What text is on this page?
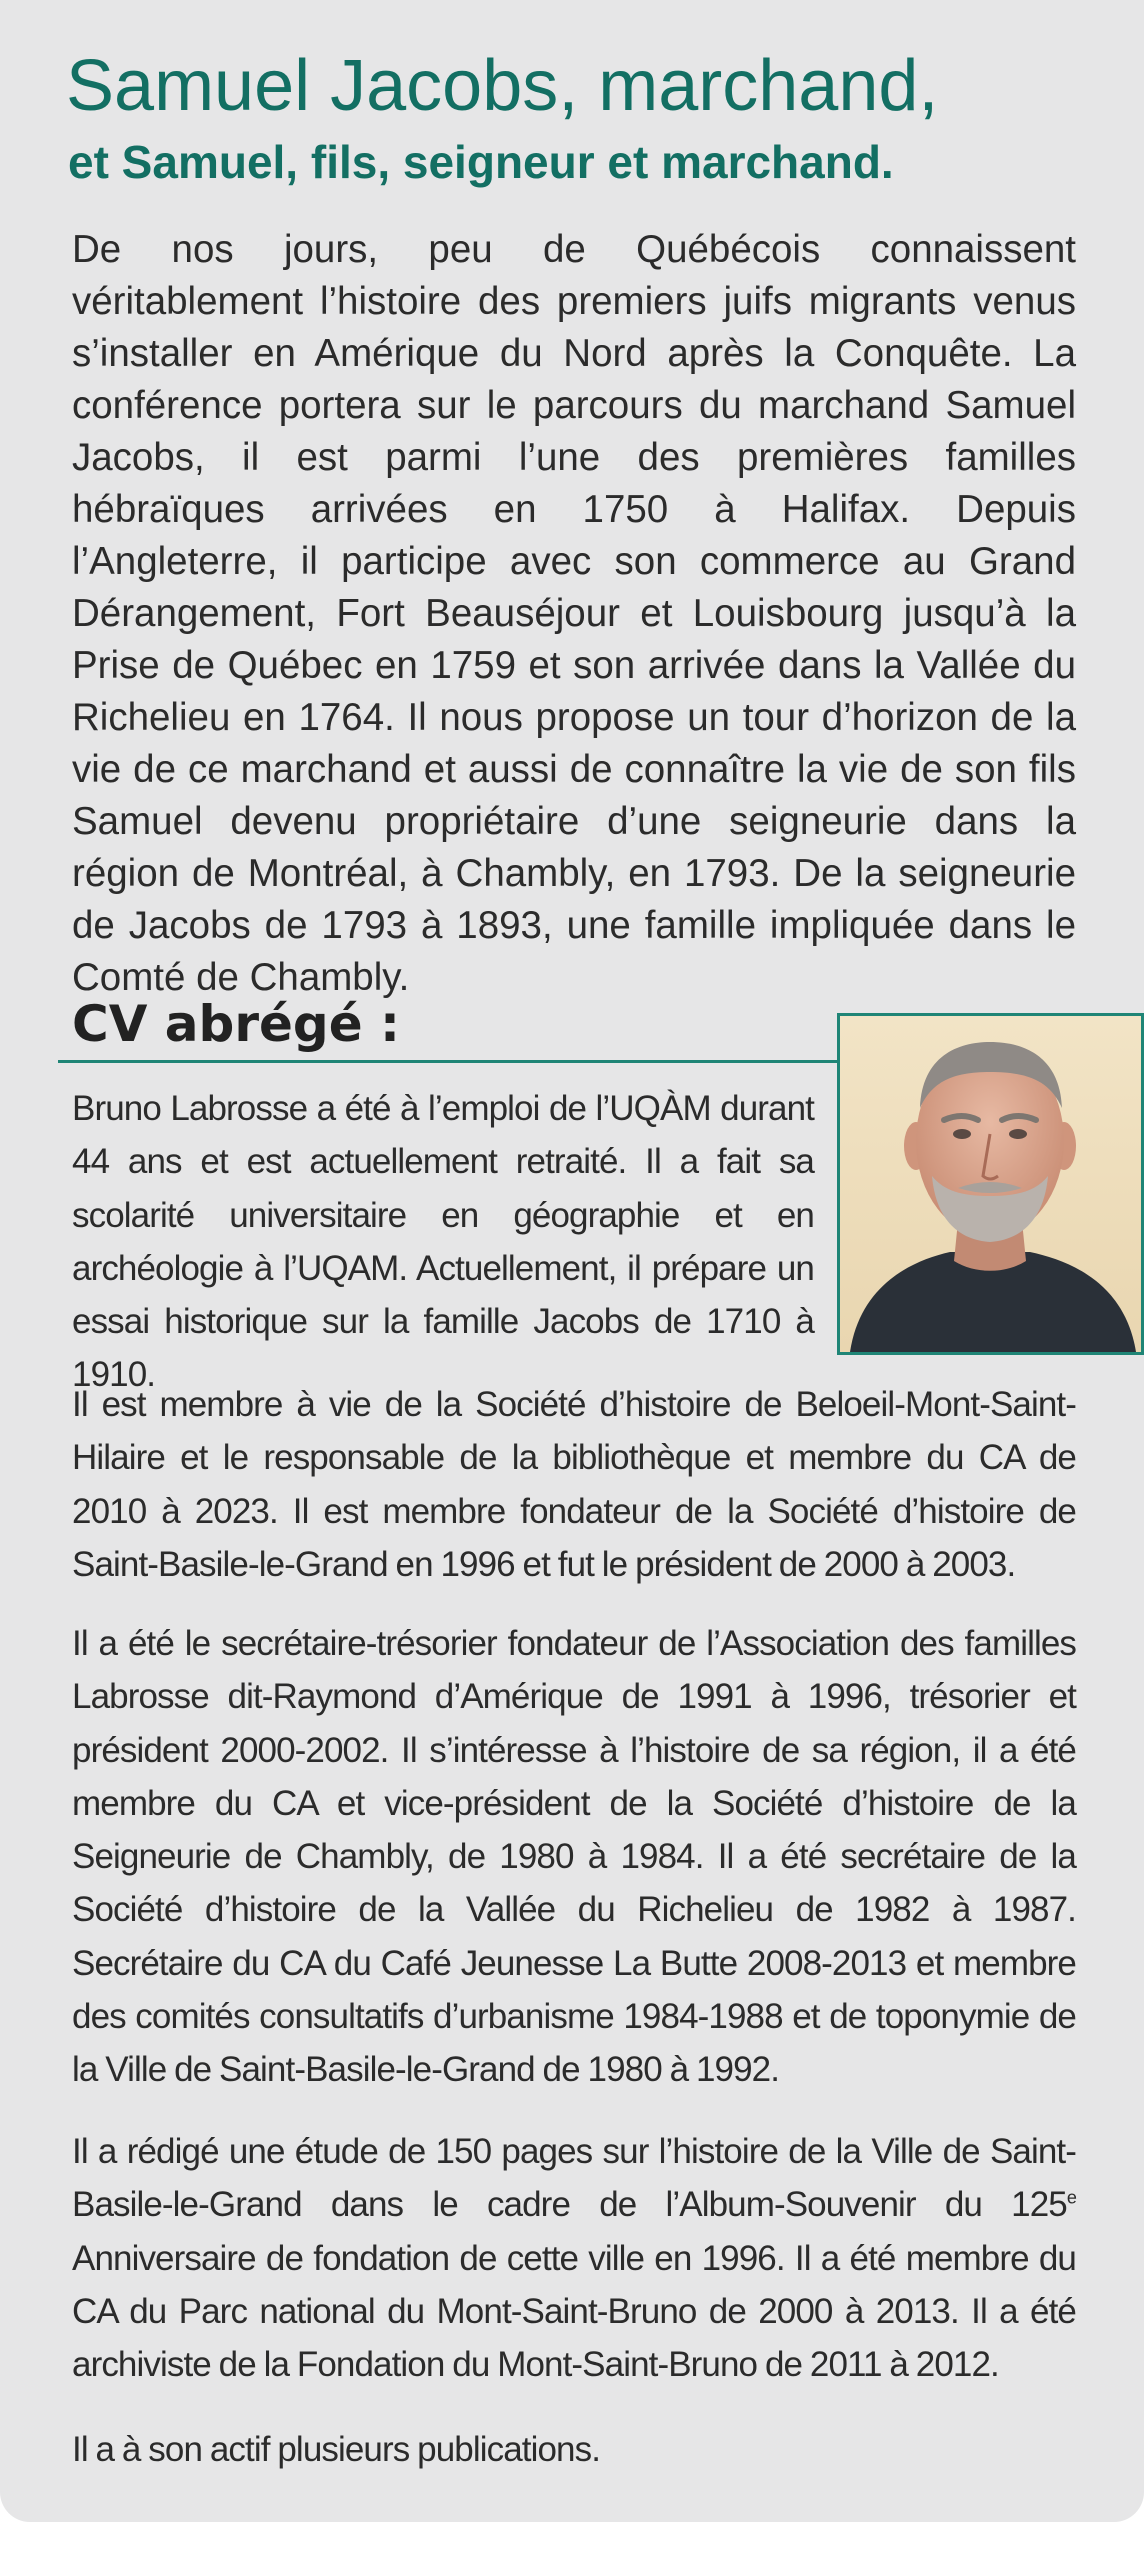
Samuel Jacobs, marchand,
et Samuel, fils, seigneur et marchand.

De nos jours, peu de Québécois connaissent véritablement l’histoire des premiers juifs migrants venus s’installer en Amérique du Nord après la Conquête. La conférence portera sur le parcours du marchand Samuel Jacobs, il est parmi l’une des premières familles hébraïques arrivées en 1750 à Halifax. Depuis l’Angleterre, il participe avec son commerce au Grand Dérangement, Fort Beauséjour et Louisbourg jusqu’à la Prise de Québec en 1759 et son arrivée dans la Vallée du Richelieu en 1764. Il nous propose un tour d’horizon de la vie de ce marchand et aussi de connaître la vie de son fils Samuel devenu propriétaire d’une seigneurie dans la région de Montréal, à Chambly, en 1793. De la seigneurie de Jacobs de 1793 à 1893, une famille impliquée dans le Comté de Chambly.

CV abrégé :

Bruno Labrosse a été à l’emploi de l’UQÀM durant 44 ans et est actuellement retraité. Il a fait sa scolarité universitaire en géographie et en archéologie à l’UQAM. Actuellement, il prépare un essai historique sur la famille Jacobs de 1710 à 1910.

Il est membre à vie de la Société d’histoire de Beloeil-Mont-Saint-Hilaire et le responsable de la bibliothèque et membre du CA de 2010 à 2023. Il est membre fondateur de la Société d’histoire de Saint-Basile-le-Grand en 1996 et fut le président de 2000 à 2003.

Il a été le secrétaire-trésorier fondateur de l’Association des familles Labrosse dit-Raymond d’Amérique de 1991 à 1996, trésorier et président 2000-2002. Il s’intéresse à l’histoire de sa région, il a été membre du CA et vice-président de la Société d’histoire de la Seigneurie de Chambly, de 1980 à 1984. Il a été secrétaire de la Société d’histoire de la Vallée du Richelieu de 1982 à 1987. Secrétaire du CA du Café Jeunesse La Butte 2008-2013 et membre des comités consultatifs d’urbanisme 1984-1988 et de toponymie de la Ville de Saint-Basile-le-Grand de 1980 à 1992.

Il a rédigé une étude de 150 pages sur l’histoire de la Ville de Saint-Basile-le-Grand dans le cadre de l’Album-Souvenir du 125e Anniversaire de fondation de cette ville en 1996. Il a été membre du CA du Parc national du Mont-Saint-Bruno de 2000 à 2013. Il a été archiviste de la Fondation du Mont-Saint-Bruno de 2011 à 2012.

Il a à son actif plusieurs publications.
